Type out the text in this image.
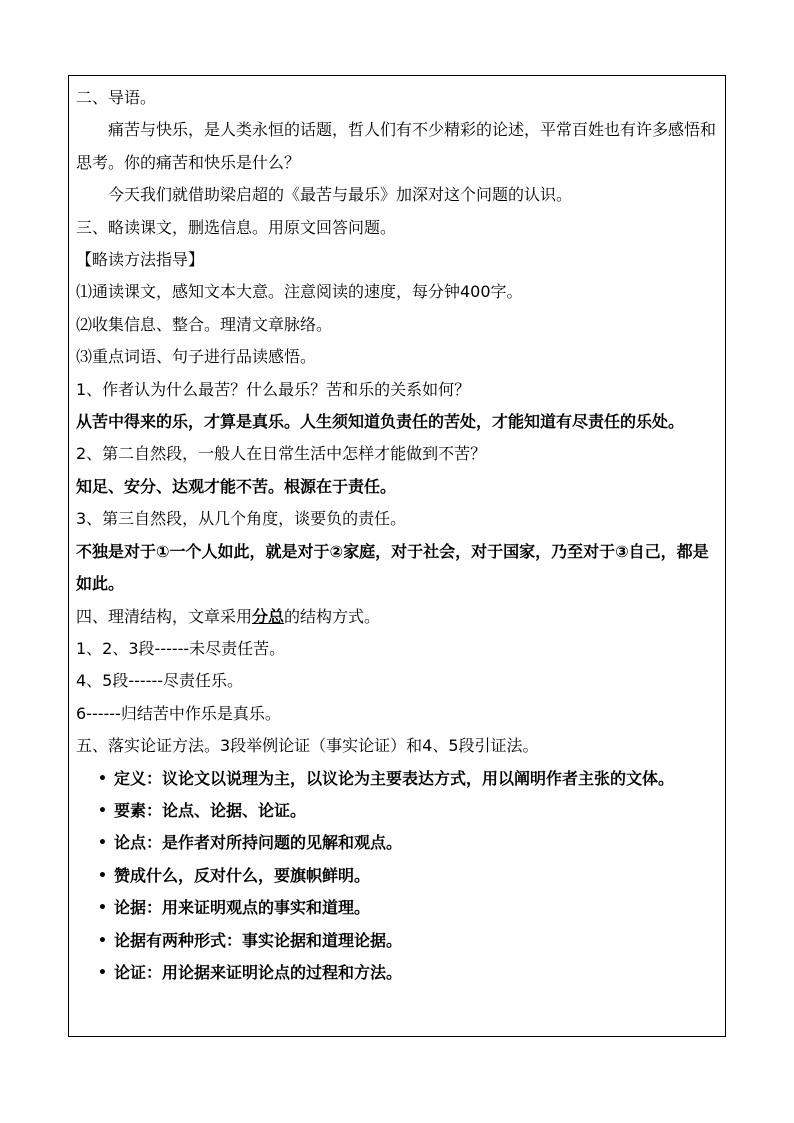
二、导语。

痛苦与快乐，是人类永恒的话题，哲人们有不少精彩的论述，平常百姓也有许多感悟和思考。你的痛苦和快乐是什么？

今天我们就借助梁启超的《最苦与最乐》加深对这个问题的认识。

三、略读课文，删选信息。用原文回答问题。

【略读方法指导】

⑴通读课文，感知文本大意。注意阅读的速度，每分钟400字。

⑵收集信息、整合。理清文章脉络。

⑶重点词语、句子进行品读感悟。

1、作者认为什么最苦？什么最乐？苦和乐的关系如何？

从苦中得来的乐，才算是真乐。人生须知道负责任的苦处，才能知道有尽责任的乐处。

2、第二自然段，一般人在日常生活中怎样才能做到不苦？

知足、安分、达观才能不苦。根源在于责任。

3、第三自然段，从几个角度，谈要负的责任。

不独是对于①一个人如此，就是对于②家庭，对于社会，对于国家，乃至对于③自己，都是如此。

四、理清结构，文章采用分总的结构方式。

1、2、3段------未尽责任苦。

4、5段------尽责任乐。

6------归结苦中作乐是真乐。

五、落实论证方法。3段举例论证（事实论证）和4、5段引证法。

• 定义：议论文以说理为主，以议论为主要表达方式，用以阐明作者主张的文体。
• 要素：论点、论据、论证。
• 论点：是作者对所持问题的见解和观点。
• 赞成什么，反对什么，要旗帜鲜明。
• 论据：用来证明观点的事实和道理。
• 论据有两种形式：事实论据和道理论据。
• 论证：用论据来证明论点的过程和方法。
